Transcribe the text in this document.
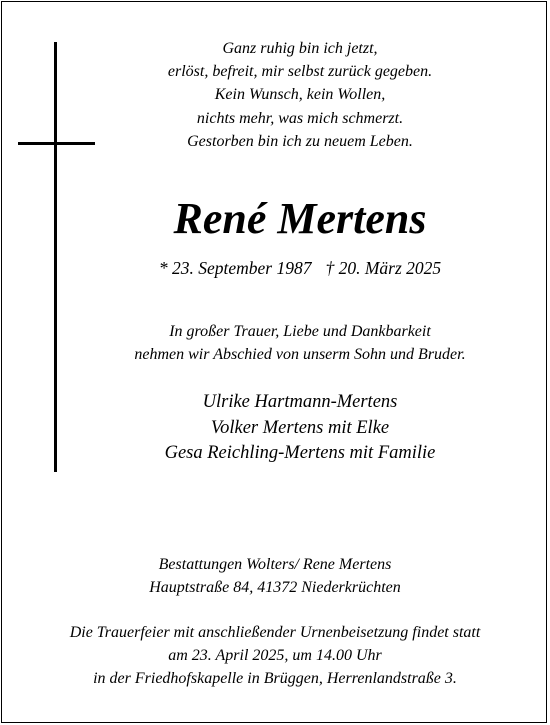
Ganz ruhig bin ich jetzt,
erlöst, befreit, mir selbst zurück gegeben.
Kein Wunsch, kein Wollen,
nichts mehr, was mich schmerzt.
Gestorben bin ich zu neuem Leben.
René Mertens
* 23. September 1987 † 20. März 2025
In großer Trauer, Liebe und Dankbarkeit
nehmen wir Abschied von unserm Sohn und Bruder.
Ulrike Hartmann-Mertens
Volker Mertens mit Elke
Gesa Reichling-Mertens mit Familie
Bestattungen Wolters/ Rene Mertens
Hauptstraße 84, 41372 Niederkrüchten
Die Trauerfeier mit anschließender Urnenbeisetzung findet statt
am 23. April 2025, um 14.00 Uhr
in der Friedhofskapelle in Brüggen, Herrenlandstraße 3.
